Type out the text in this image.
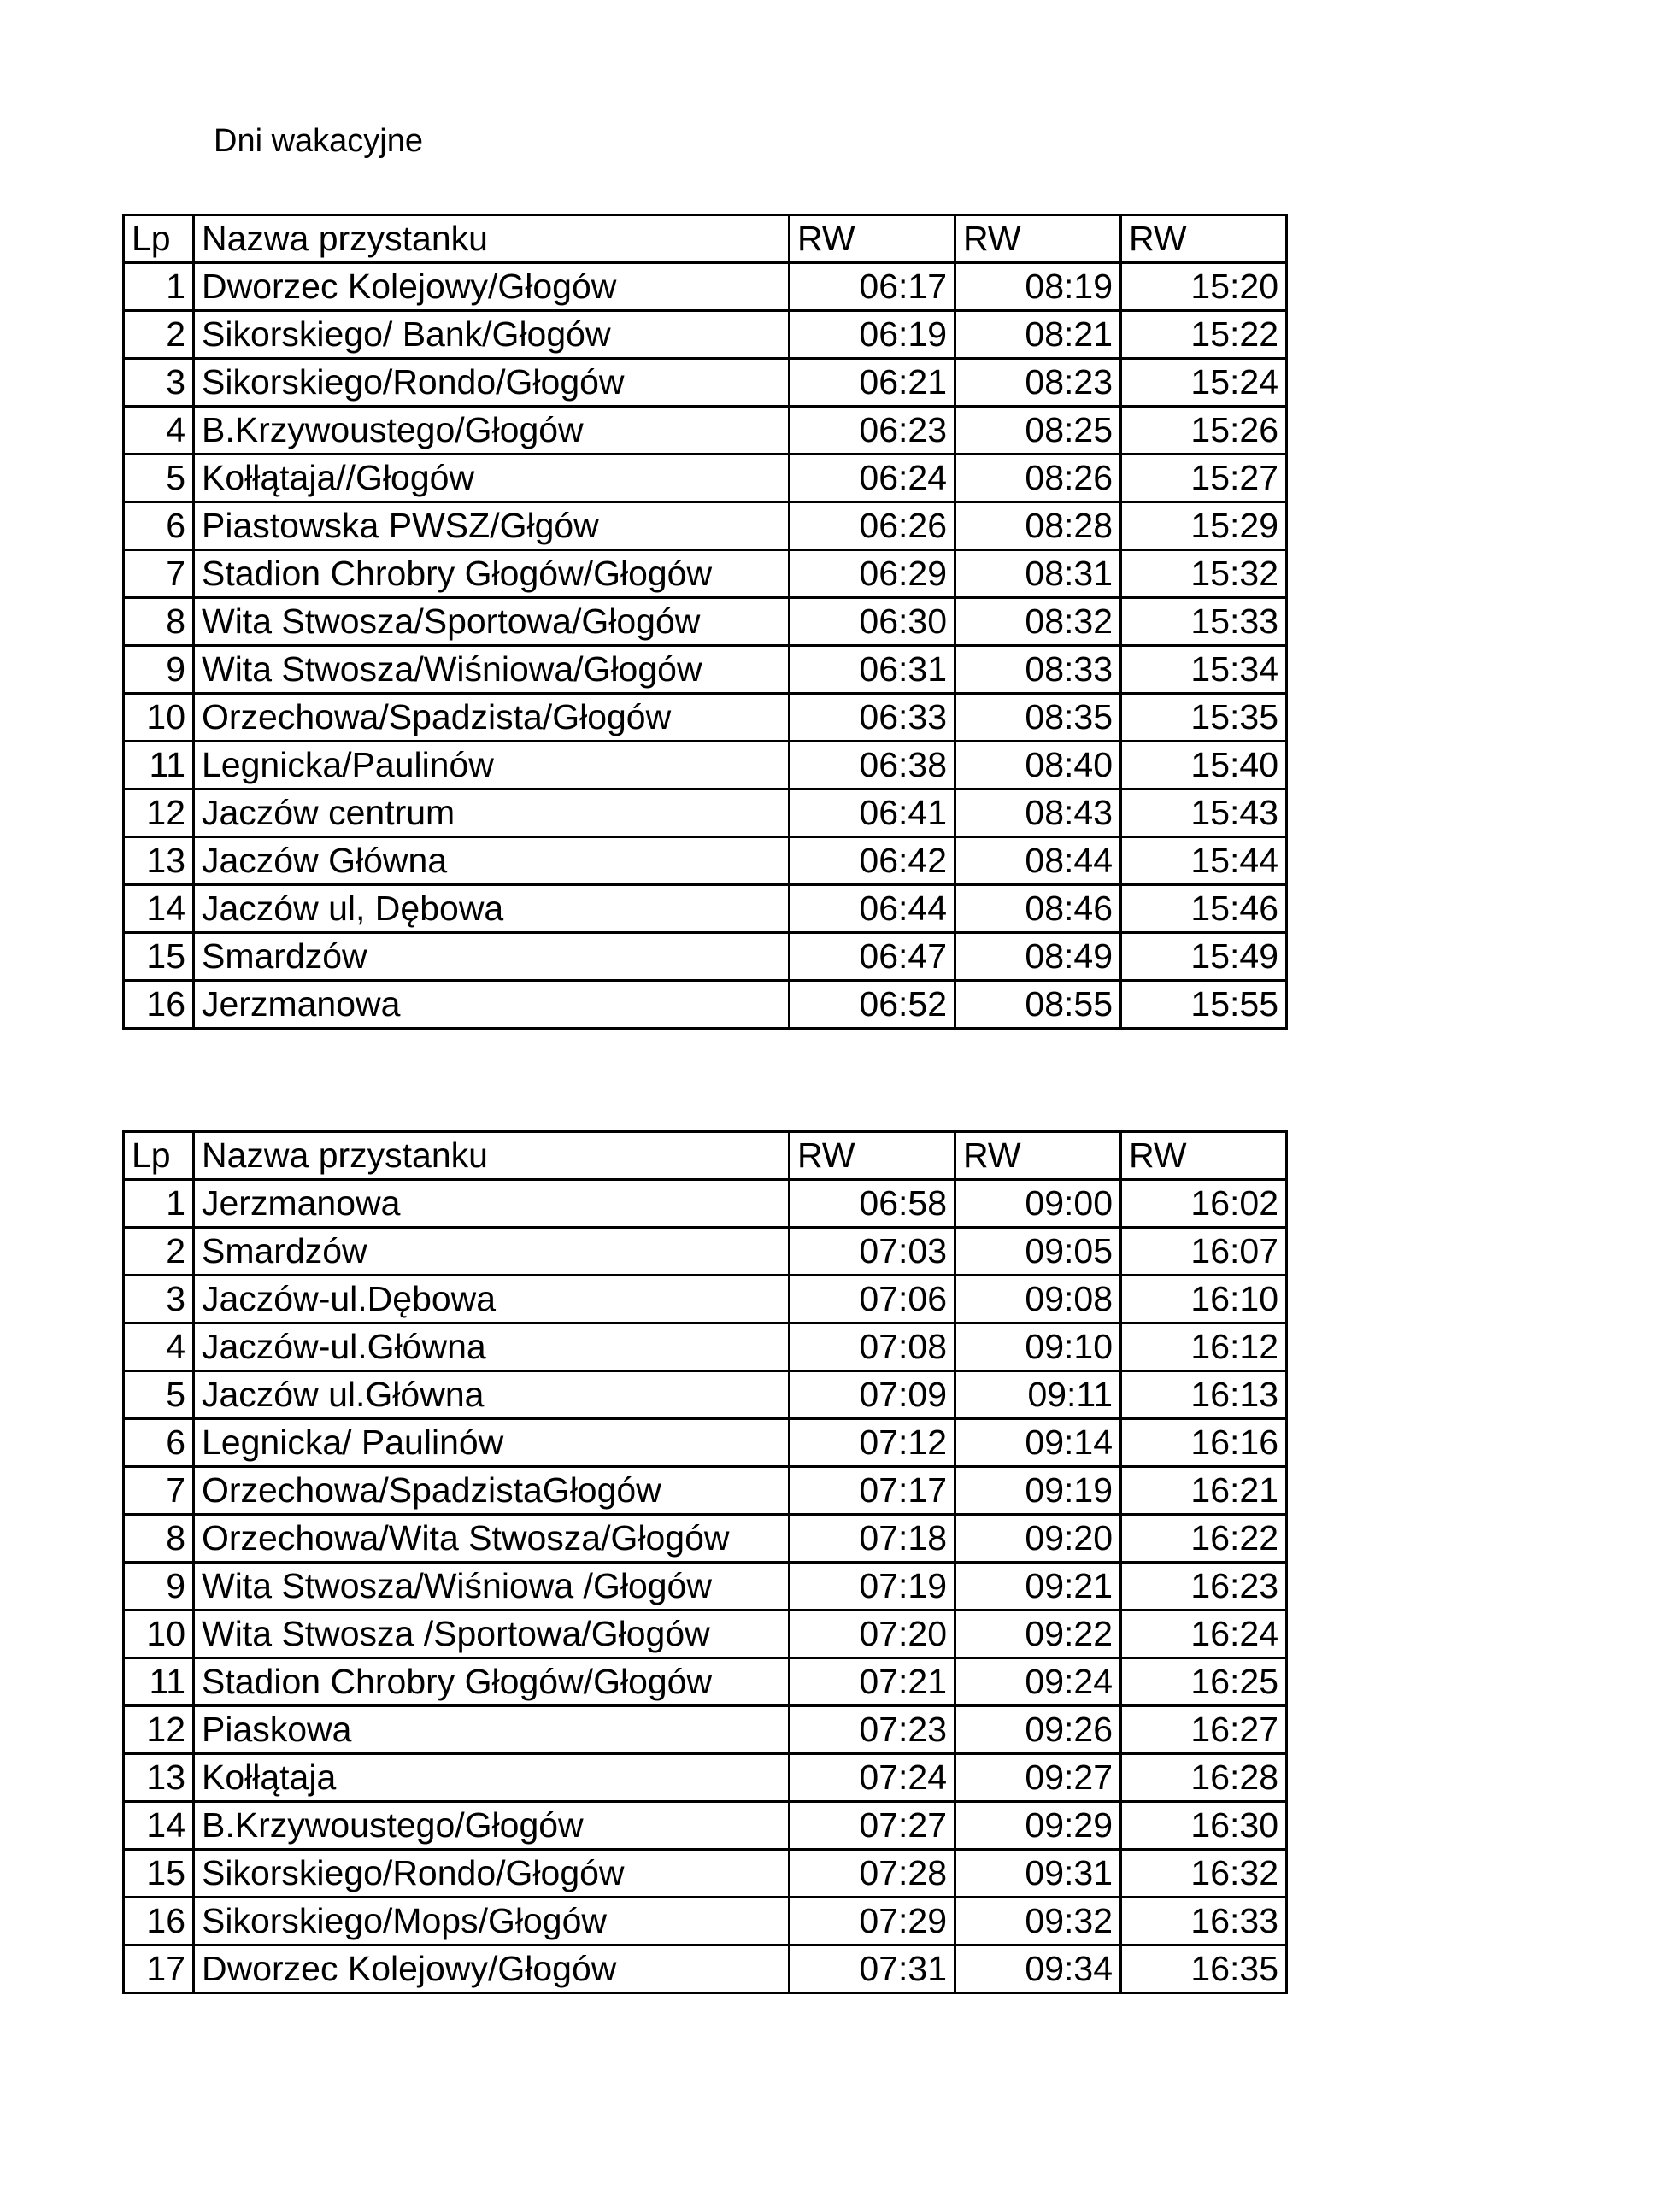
Dni wakacyjne
Lp	Nazwa przystanku	RW	RW	RW
1	Dworzec Kolejowy/Głogów	06:17	08:19	15:20
2	Sikorskiego/ Bank/Głogów	06:19	08:21	15:22
3	Sikorskiego/Rondo/Głogów	06:21	08:23	15:24
4	B.Krzywoustego/Głogów	06:23	08:25	15:26
5	Kołłątaja//Głogów	06:24	08:26	15:27
6	Piastowska PWSZ/Głgów	06:26	08:28	15:29
7	Stadion Chrobry Głogów/Głogów	06:29	08:31	15:32
8	Wita Stwosza/Sportowa/Głogów	06:30	08:32	15:33
9	Wita Stwosza/Wiśniowa/Głogów	06:31	08:33	15:34
10	Orzechowa/Spadzista/Głogów	06:33	08:35	15:35
11	Legnicka/Paulinów	06:38	08:40	15:40
12	Jaczów centrum	06:41	08:43	15:43
13	Jaczów Główna	06:42	08:44	15:44
14	Jaczów ul, Dębowa	06:44	08:46	15:46
15	Smardzów	06:47	08:49	15:49
16	Jerzmanowa	06:52	08:55	15:55
Lp	Nazwa przystanku	RW	RW	RW
1	Jerzmanowa	06:58	09:00	16:02
2	Smardzów	07:03	09:05	16:07
3	Jaczów-ul.Dębowa	07:06	09:08	16:10
4	Jaczów-ul.Główna	07:08	09:10	16:12
5	Jaczów ul.Główna	07:09	09:11	16:13
6	Legnicka/ Paulinów	07:12	09:14	16:16
7	Orzechowa/SpadzistaGłogów	07:17	09:19	16:21
8	Orzechowa/Wita Stwosza/Głogów	07:18	09:20	16:22
9	Wita Stwosza/Wiśniowa /Głogów	07:19	09:21	16:23
10	Wita Stwosza /Sportowa/Głogów	07:20	09:22	16:24
11	Stadion Chrobry Głogów/Głogów	07:21	09:24	16:25
12	Piaskowa	07:23	09:26	16:27
13	Kołłątaja	07:24	09:27	16:28
14	B.Krzywoustego/Głogów	07:27	09:29	16:30
15	Sikorskiego/Rondo/Głogów	07:28	09:31	16:32
16	Sikorskiego/Mops/Głogów	07:29	09:32	16:33
17	Dworzec Kolejowy/Głogów	07:31	09:34	16:35
